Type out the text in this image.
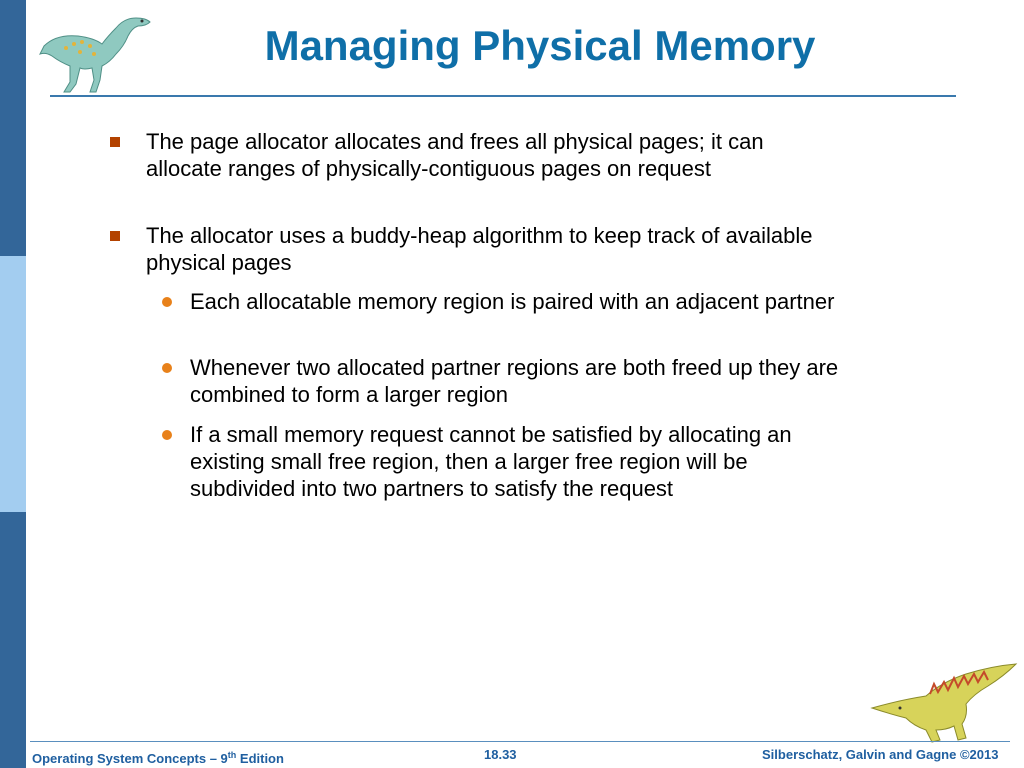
Managing Physical Memory
The page allocator allocates and frees all physical pages; it can allocate ranges of physically-contiguous pages on request
The allocator uses a buddy-heap algorithm to keep track of available physical pages
Each allocatable memory region is paired with an adjacent partner
Whenever two allocated partner regions are both freed up they are combined to form a larger region
If a small memory request cannot be satisfied by allocating an existing small free region, then a larger free region will be subdivided into two partners to satisfy the request
Operating System Concepts – 9th Edition	18.33	Silberschatz, Galvin and Gagne ©2013
